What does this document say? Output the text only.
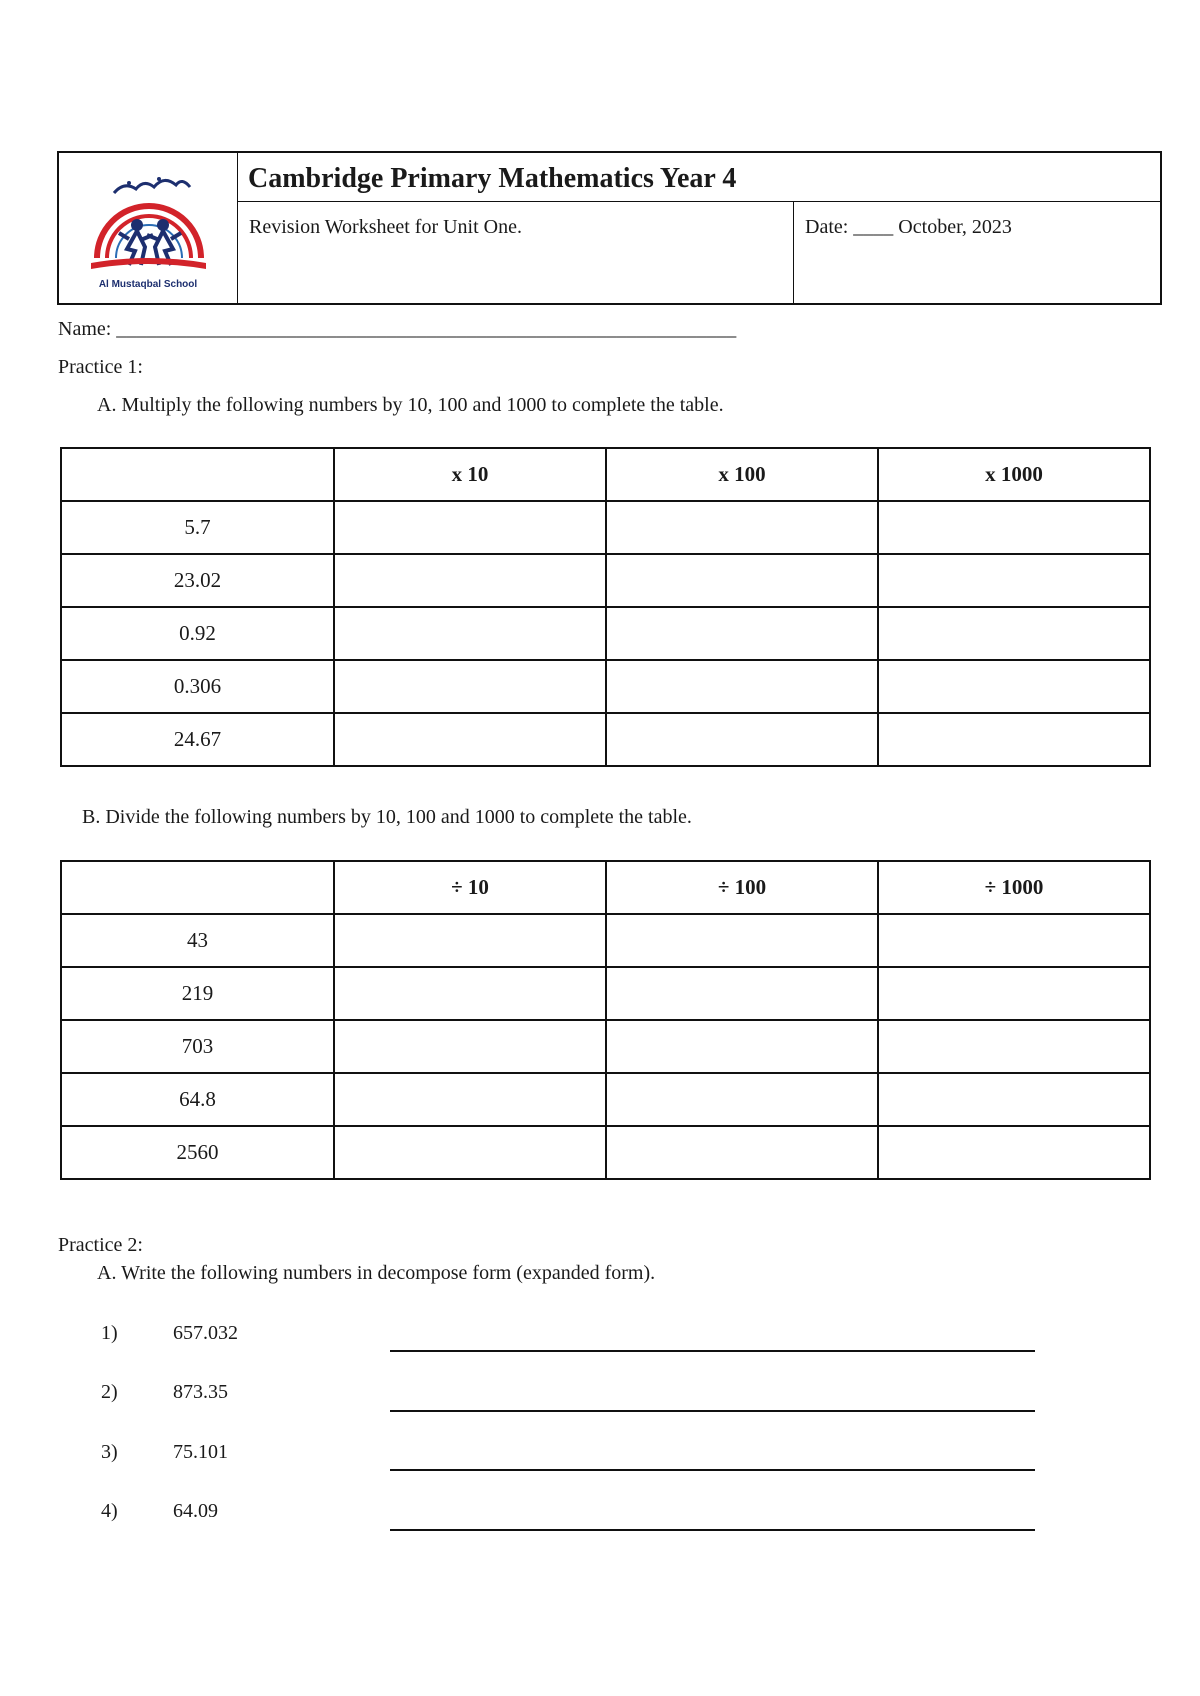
Al Mustaqbal School
Cambridge Primary Mathematics Year 4
Revision Worksheet for Unit One.	Date: ____ October, 2023
Name: ______________________________________________________________
Practice 1:
A. Multiply the following numbers by 10, 100 and 1000 to complete the table.
	x 10	x 100	x 1000
5.7			
23.02			
0.92			
0.306			
24.67			
B. Divide the following numbers by 10, 100 and 1000 to complete the table.
	÷ 10	÷ 100	÷ 1000
43			
219			
703			
64.8			
2560			
Practice 2:
A. Write the following numbers in decompose form (expanded form).
1)	657.032
2)	873.35
3)	75.101
4)	64.09
